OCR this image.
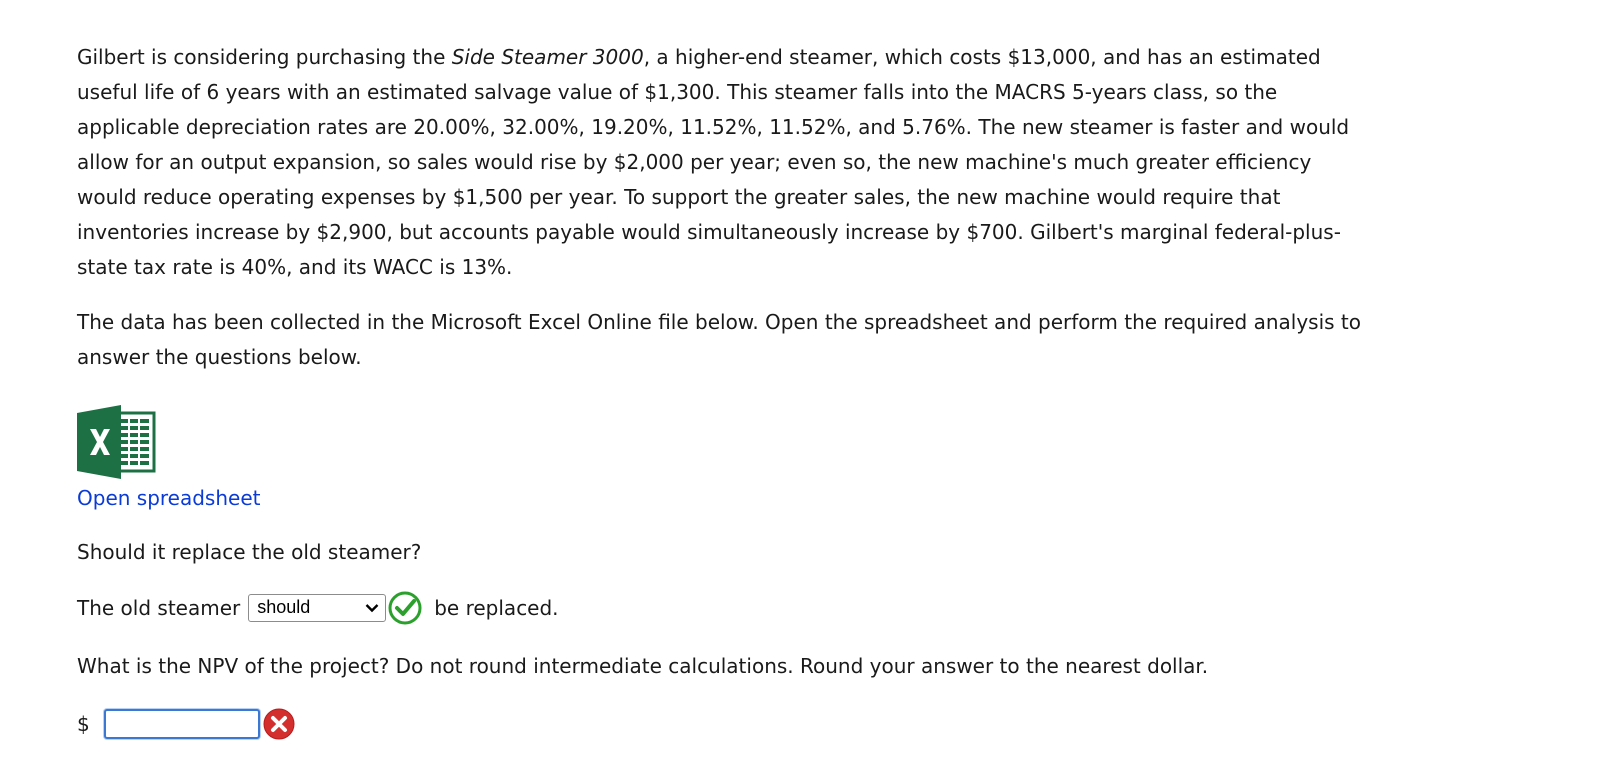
Gilbert is considering purchasing the Side Steamer 3000, a higher-end steamer, which costs $13,000, and has an estimated useful life of 6 years with an estimated salvage value of $1,300. This steamer falls into the MACRS 5-years class, so the applicable depreciation rates are 20.00%, 32.00%, 19.20%, 11.52%, 11.52%, and 5.76%. The new steamer is faster and would allow for an output expansion, so sales would rise by $2,000 per year; even so, the new machine's much greater efficiency would reduce operating expenses by $1,500 per year. To support the greater sales, the new machine would require that inventories increase by $2,900, but accounts payable would simultaneously increase by $700. Gilbert's marginal federal-plus-state tax rate is 40%, and its WACC is 13%.

The data has been collected in the Microsoft Excel Online file below. Open the spreadsheet and perform the required analysis to answer the questions below.

Open spreadsheet

Should it replace the old steamer?

The old steamer should	be replaced.

What is the NPV of the project? Do not round intermediate calculations. Round your answer to the nearest dollar.

$
